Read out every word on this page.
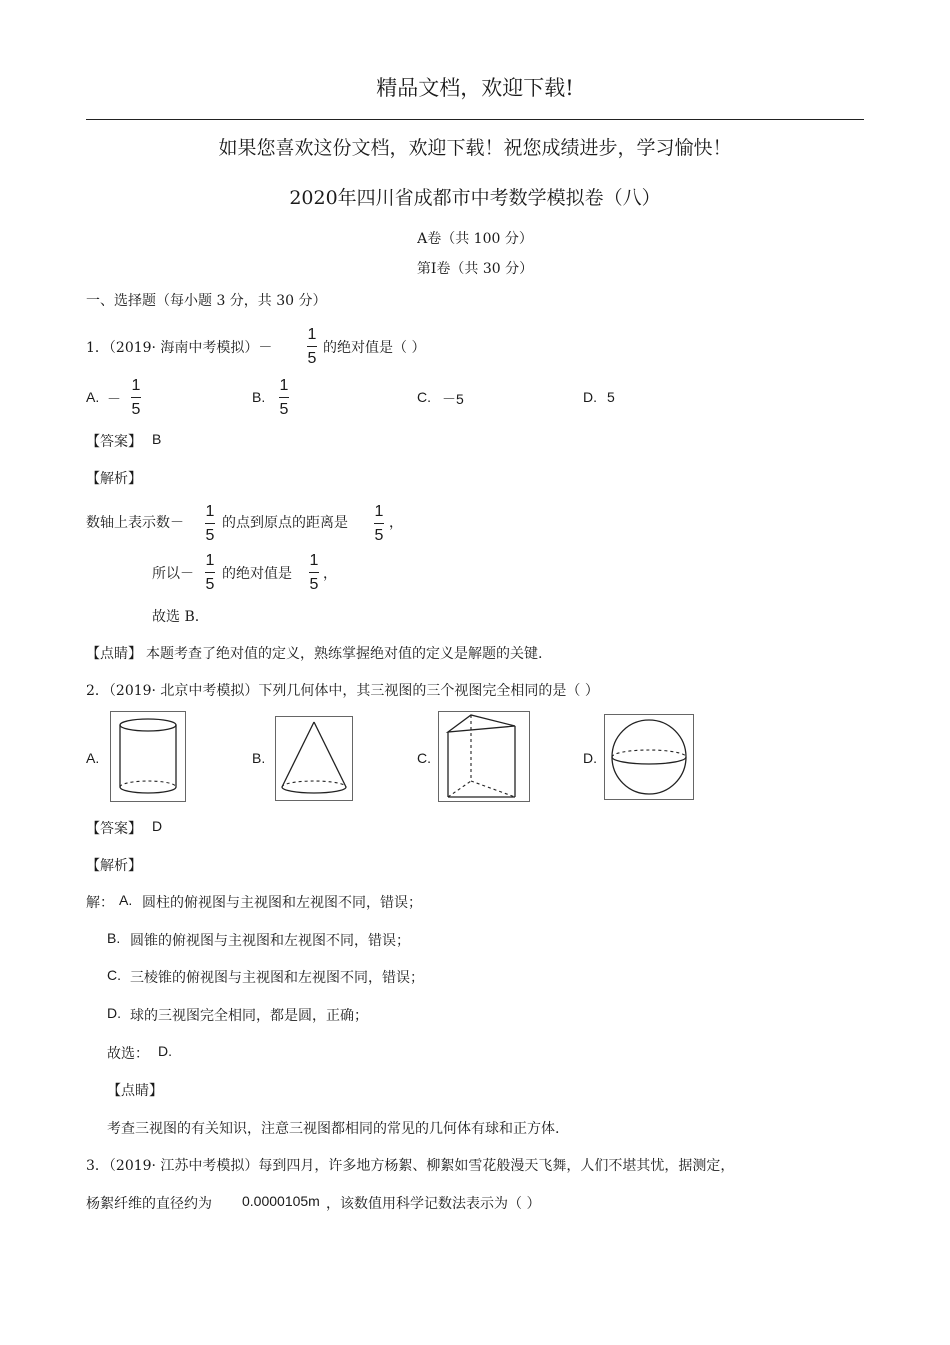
精品文档，欢迎下载!
如果您喜欢这份文档，欢迎下载！祝您成绩进步，学习愉快！
2020年四川省成都市中考数学模拟卷（八）
A卷（共 100 分）
第Ⅰ卷（共 30 分）
一、选择题（每小题 3 分，共 30 分）
1．（2019· 海南中考模拟）－
1
5
的绝对值是（ ）
A. －
1
5
B.
1
5
C. －5	D. 5
【答案】 B
【解析】
数轴上表示数－
1
5
的点到原点的距离是
1
5
，
所以－
1
5
的绝对值是
1
5
，
故选 B.
【点睛】 本题考查了绝对值的定义，熟练掌握绝对值的定义是解题的关键.
2．（2019· 北京中考模拟）下列几何体中，其三视图的三个视图完全相同的是（ ）
A.	B.	C.	D.
【答案】 D
【解析】
解： A. 圆柱的俯视图与主视图和左视图不同，错误；
B. 圆锥的俯视图与主视图和左视图不同，错误；
C. 三棱锥的俯视图与主视图和左视图不同，错误；
D. 球的三视图完全相同，都是圆，正确；
故选： D.
【点睛】
考查三视图的有关知识，注意三视图都相同的常见的几何体有球和正方体.
3．（2019· 江苏中考模拟）每到四月，许多地方杨絮、柳絮如雪花般漫天飞舞，人们不堪其忧，据测定，
杨絮纤维的直径约为 0.0000105m ，该数值用科学记数法表示为（ ）
